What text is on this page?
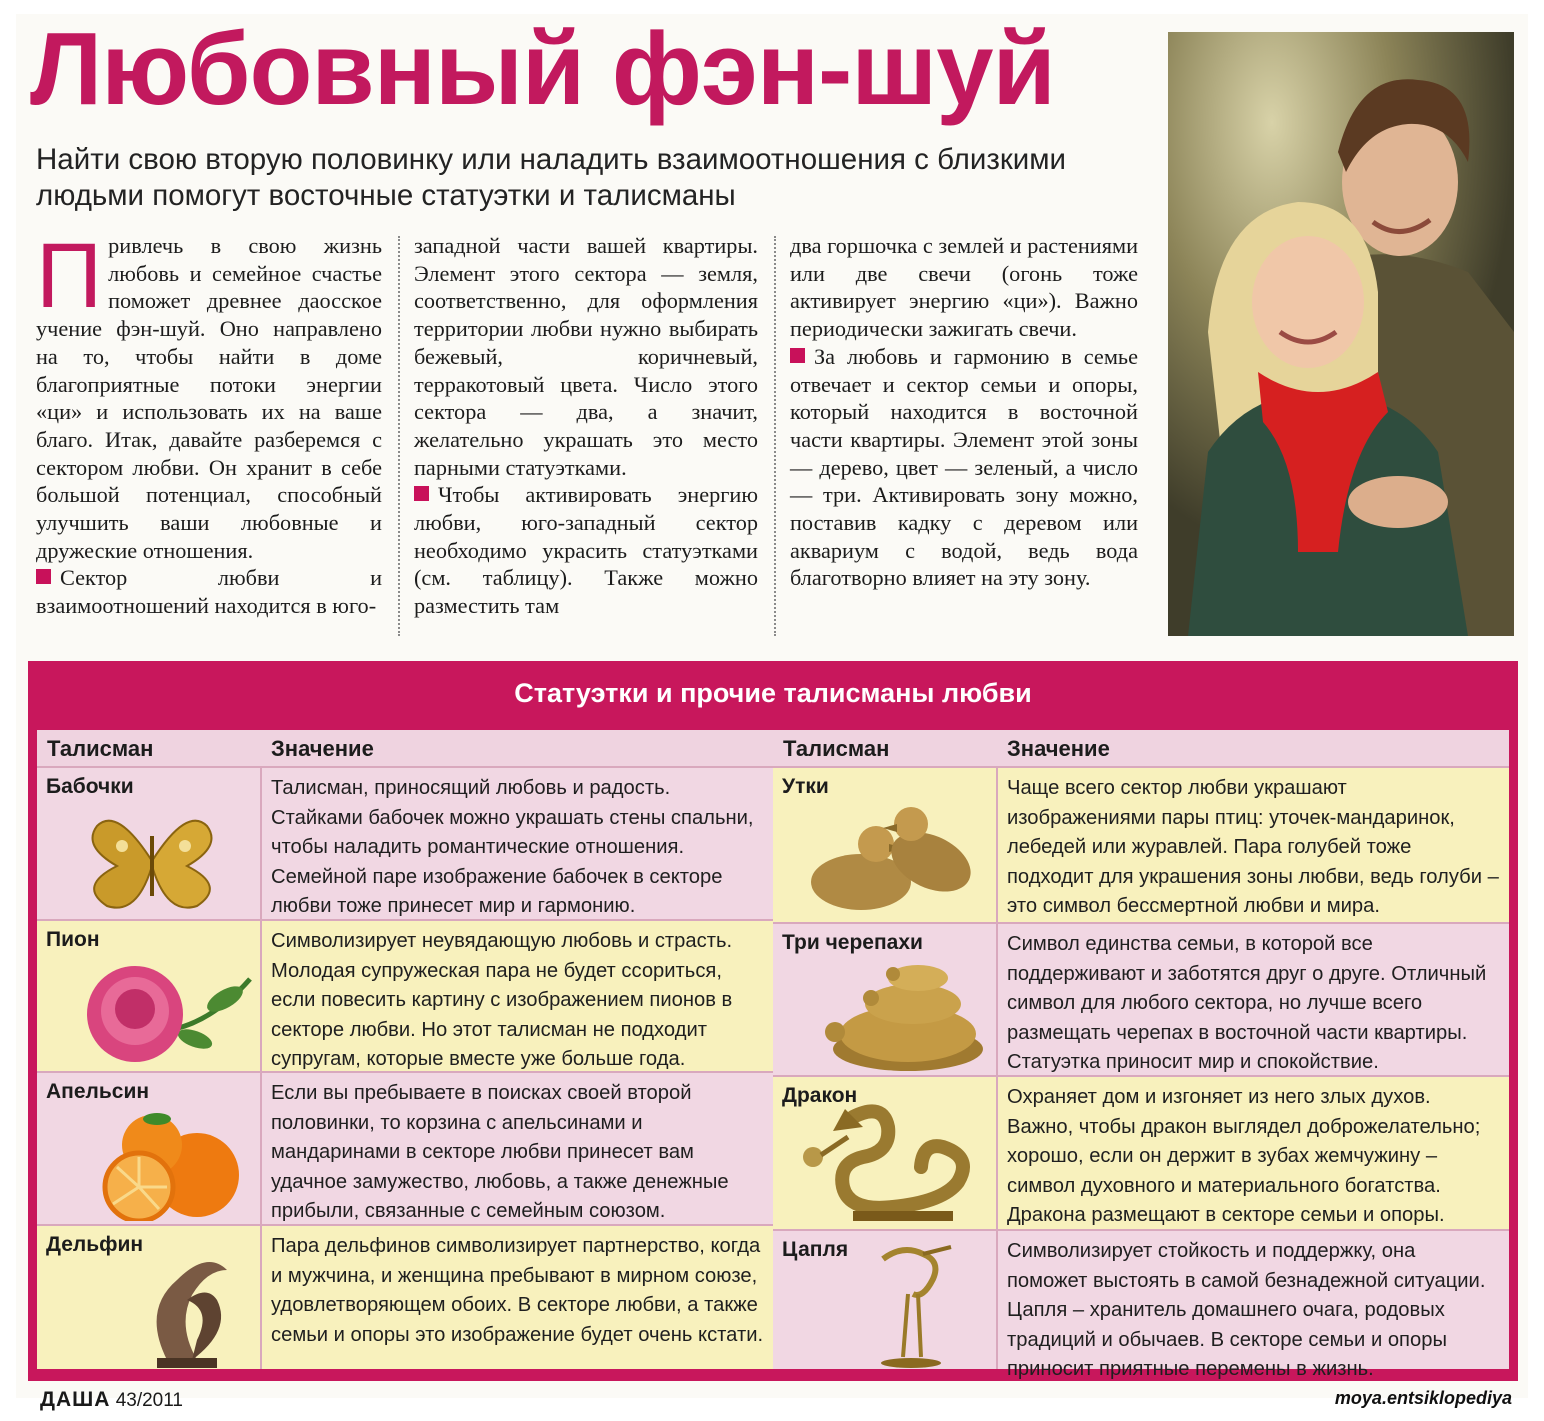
Любовный фэн-шуй

Найти свою вторую половинку или наладить взаимоотношения с близкими людьми помогут восточные статуэтки и талисманы

П ривлечь в свою жизнь любовь и семейное счастье поможет древнее даосское учение фэн-шуй. Оно направлено на то, чтобы найти в доме благоприятные потоки энергии «ци» и использовать их на ваше благо. Итак, давайте разберемся с сектором любви. Он хранит в себе большой потенциал, способный улучшить ваши любовные и дружеские отношения.
Сектор любви и взаимоотношений находится в юго-
западной части вашей квартиры. Элемент этого сектора — земля, соответственно, для оформления территории любви нужно выбирать бежевый, коричневый, терракотовый цвета. Число этого сектора — два, а значит, желательно украшать это место парными статуэтками.
Чтобы активировать энергию любви, юго-западный сектор необходимо украсить статуэтками (см. таблицу). Также можно разместить там
два горшочка с землей и растениями или две свечи (огонь тоже активирует энергию «ци»). Важно периодически зажигать свечи.
За любовь и гармонию в семье отвечает и сектор семьи и опоры, который находится в восточной части квартиры. Элемент этой зоны — дерево, цвет — зеленый, а число — три. Активировать зону можно, поставив кадку с деревом или аквариум с водой, ведь вода благотворно влияет на эту зону.
Статуэтки и прочие талисманы любви
Талисман	Значение
Бабочки	Талисман, приносящий любовь и радость. Стайками бабочек можно украшать стены спальни, чтобы наладить романтические отношения. Семейной паре изображение бабочек в секторе любви тоже принесет мир и гармонию.
Пион	Символизирует неувядающую любовь и страсть. Молодая супружеская пара не будет ссориться, если повесить картину с изображением пионов в секторе любви. Но этот талисман не подходит супругам, которые вместе уже больше года.
Апельсин	Если вы пребываете в поисках своей второй половинки, то корзина с апельсинами и мандаринами в секторе любви принесет вам удачное замужество, любовь, а также денежные прибыли, связанные с семейным союзом.
Дельфин	Пара дельфинов символизирует партнерство, когда и мужчина, и женщина пребывают в мирном союзе, удовлетворяющем обоих. В секторе любви, а также семьи и опоры это изображение будет очень кстати.
Талисман	Значение
Утки	Чаще всего сектор любви украшают изображениями пары птиц: уточек-мандаринок, лебедей или журавлей. Пара голубей тоже подходит для украшения зоны любви, ведь голуби – это символ бессмертной любви и мира.
Три черепахи	Символ единства семьи, в которой все поддерживают и заботятся друг о друге. Отличный символ для любого сектора, но лучше всего размещать черепах в восточной части квартиры. Статуэтка приносит мир и спокойствие.
Дракон	Охраняет дом и изгоняет из него злых духов. Важно, чтобы дракон выглядел доброжелательно; хорошо, если он держит в зубах жемчужину – символ духовного и материального богатства. Дракона размещают в секторе семьи и опоры.
Цапля	Символизирует стойкость и поддержку, она поможет выстоять в самой безнадежной ситуации. Цапля – хранитель домашнего очага, родовых традиций и обычаев. В секторе семьи и опоры приносит приятные перемены в жизнь.
ДАША 43/2011	moya.entsiklopediya
